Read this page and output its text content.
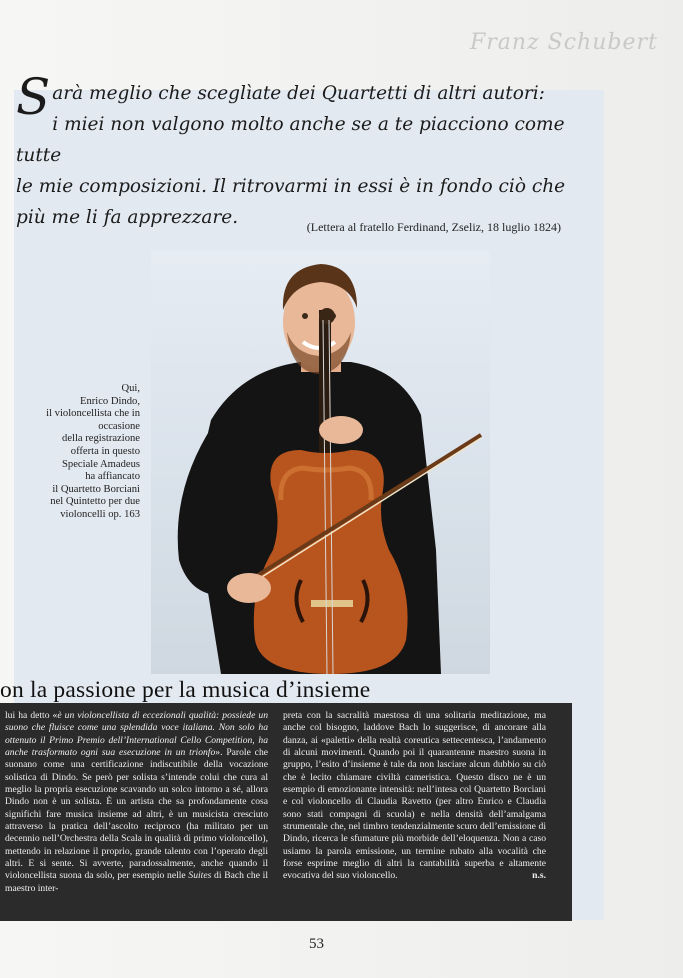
Franz Schubert
S arà meglio che sceglìate dei Quartetti di altri autori:
i miei non valgono molto anche se a te piacciono come tutte
le mie composizioni. Il ritrovarmi in essi è in fondo ciò che
più me li fa apprezzare.	(Lettera al fratello Ferdinand, Zseliz, 18 luglio 1824)
Qui,
Enrico Dindo,
il violoncellista che in
occasione
della registrazione
offerta in questo
Speciale Amadeus
ha affiancato
il Quartetto Borciani
nel Quintetto per due
violoncelli op. 163
on la passione per la musica d’insieme
lui ha detto «è un violoncellista di eccezionali qualità: possiede un suono che fluisce come una splendida voce italiana. Non solo ha ottenuto il Primo Premio dell’International Cello Competition, ha anche trasformato ogni sua esecuzione in un trionfo». Parole che suonano come una certificazione indiscutibile della vocazione solistica di Dindo. Se però per solista s’intende colui che cura al meglio la propria esecuzione scavando un solco intorno a sé, allora Dindo non è un solista. È un artista che sa profondamente cosa significhi fare musica insieme ad altri, è un musicista cresciuto attraverso la pratica dell’ascolto reciproco (ha militato per un decennio nell’Orchestra della Scala in qualità di primo violoncello), mettendo in relazione il proprio, grande talento con l’operato degli altri. E si sente. Si avverte, paradossalmente, anche quando il violoncellista suona da solo, per esempio nelle Suites di Bach che il maestro inter-
preta con la sacralità maestosa di una solitaria meditazione, ma anche col bisogno, laddove Bach lo suggerisce, di ancorare alla danza, ai «paletti» della realtà coreutica settecentesca, l’andamento di alcuni movimenti. Quando poi il quarantenne maestro suona in gruppo, l’esito d’insieme è tale da non lasciare alcun dubbio su ciò che è lecito chiamare civiltà cameristica. Questo disco ne è un esempio di emozionante intensità: nell’intesa col Quartetto Borciani e col violoncello di Claudia Ravetto (per altro Enrico e Claudia sono stati compagni di scuola) e nella densità dell’amalgama strumentale che, nel timbro tendenzialmente scuro dell’emissione di Dindo, ricerca le sfumature più morbide dell’eloquenza. Non a caso usiamo la parola emissione, un termine rubato alla vocalità che forse esprime meglio di altri la cantabilità superba e altamente evocativa del suo violoncello.	n.s.
53
